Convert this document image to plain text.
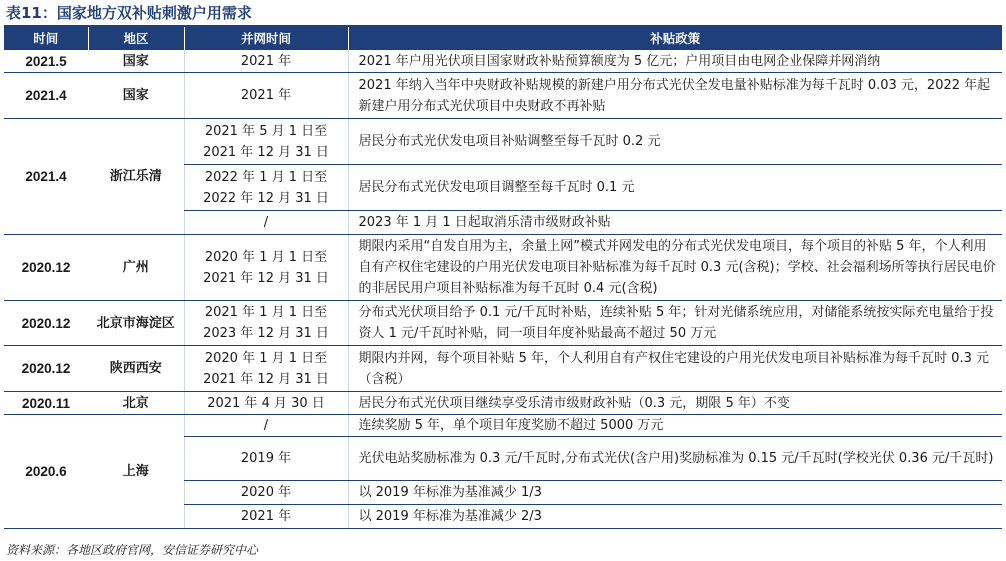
表11：国家地方双补贴刺激户用需求
时间	地区	并网时间	补贴政策
2021.5	国家	2021 年	2021 年户用光伏项目国家财政补贴预算额度为 5 亿元；户用项目由电网企业保障并网消纳
2021.4	国家	2021 年	2021 年纳入当年中央财政补贴规模的新建户用分布式光伏全发电量补贴标准为每千瓦时 0.03 元，2022 年起新建户用分布式光伏项目中央财政不再补贴
2021.4	浙江乐清	2021 年 5 月 1 日至 2021 年 12 月 31 日	居民分布式光伏发电项目补贴调整至每千瓦时 0.2 元
		2022 年 1 月 1 日至 2022 年 12 月 31 日	居民分布式光伏发电项目调整至每千瓦时 0.1 元
		/	2023 年 1 月 1 日起取消乐清市级财政补贴
2020.12	广州	2020 年 1 月 1 日至 2021 年 12 月 31 日	期限内采用“自发自用为主，余量上网”模式并网发电的分布式光伏发电项目，每个项目的补贴 5 年，个人利用自有产权住宅建设的户用光伏发电项目补贴标准为每千瓦时 0.3 元(含税)；学校、社会福利场所等执行居民电价的非居民用户项目补贴标准为每千瓦时 0.4 元(含税)
2020.12	北京市海淀区	2021 年 1 月 1 日至 2023 年 12 月 31 日	分布式光伏项目给予 0.1 元/千瓦时补贴，连续补贴 5 年；针对光储系统应用，对储能系统按实际充电量给于投资人 1 元/千瓦时补贴，同一项目年度补贴最高不超过 50 万元
2020.12	陕西西安	2020 年 1 月 1 日至 2021 年 12 月 31 日	期限内并网，每个项目补贴 5 年，个人利用自有产权住宅建设的户用光伏发电项目补贴标准为每千瓦时 0.3 元（含税）
2020.11	北京	2021 年 4 月 30 日	居民分布式光伏项目继续享受乐清市级财政补贴（0.3 元，期限 5 年）不变
2020.6	上海	/	连续奖励 5 年，单个项目年度奖励不超过 5000 万元
		2019 年	光伏电站奖励标准为 0.3 元/千瓦时,分布式光伏(含户用)奖励标准为 0.15 元/千瓦时(学校光伏 0.36 元/千瓦时)
		2020 年	以 2019 年标准为基准减少 1/3
		2021 年	以 2019 年标准为基准减少 2/3
资料来源：各地区政府官网，安信证券研究中心
